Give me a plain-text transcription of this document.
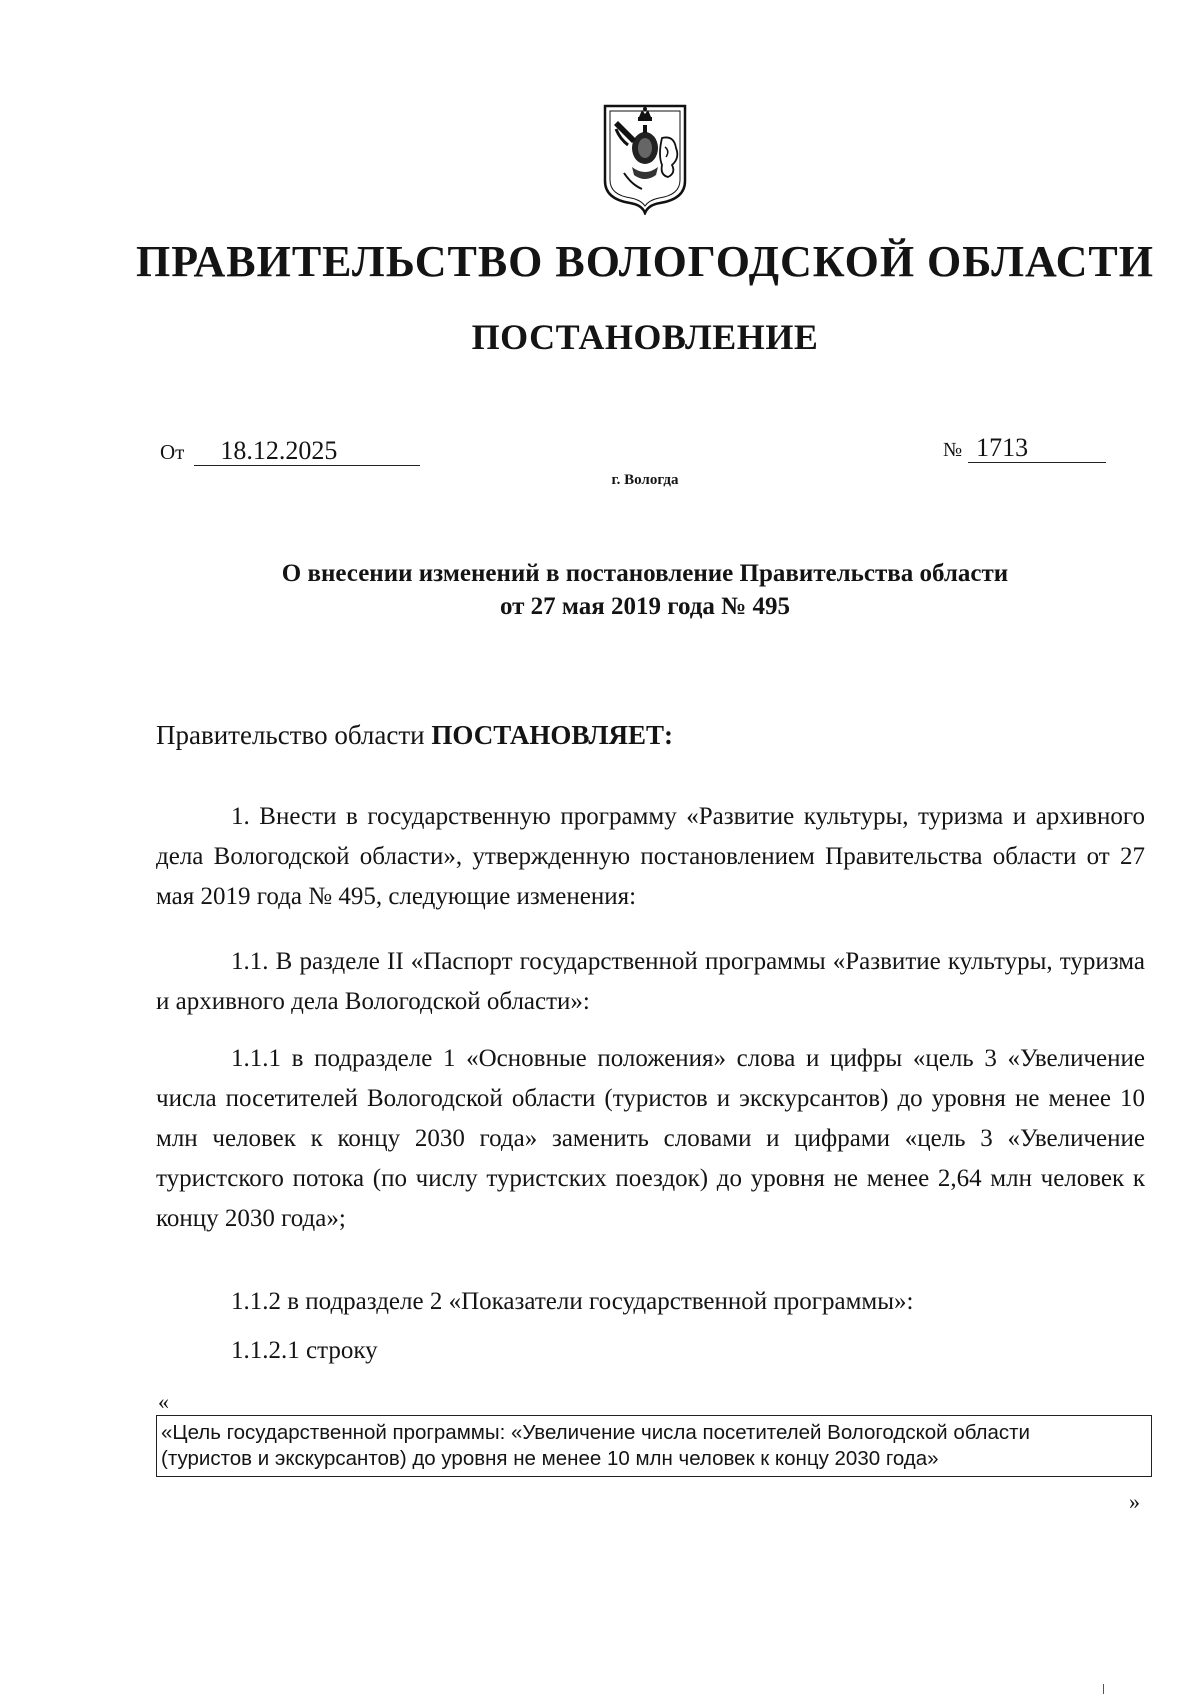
ПРАВИТЕЛЬСТВО ВОЛОГОДСКОЙ ОБЛАСТИ
ПОСТАНОВЛЕНИЕ
От 18.12.2025	№ 1713
г. Вологда
О внесении изменений в постановление Правительства области
от 27 мая 2019 года № 495
Правительство области ПОСТАНОВЛЯЕТ:
1. Внести в государственную программу «Развитие культуры, туризма и архивного дела Вологодской области», утвержденную постановлением Правительства области от 27 мая 2019 года № 495, следующие изменения:
1.1. В разделе II «Паспорт государственной программы «Развитие культуры, туризма и архивного дела Вологодской области»:
1.1.1 в подразделе 1 «Основные положения» слова и цифры «цель 3 «Увеличение числа посетителей Вологодской области (туристов и экскурсантов) до уровня не менее 10 млн человек к концу 2030 года» заменить словами и цифрами «цель 3 «Увеличение туристского потока (по числу туристских поездок) до уровня не менее 2,64 млн человек к концу 2030 года»;
1.1.2 в подразделе 2 «Показатели государственной программы»:
1.1.2.1 строку
«
«Цель государственной программы: «Увеличение числа посетителей Вологодской области
(туристов и экскурсантов) до уровня не менее 10 млн человек к концу 2030 года»
»
